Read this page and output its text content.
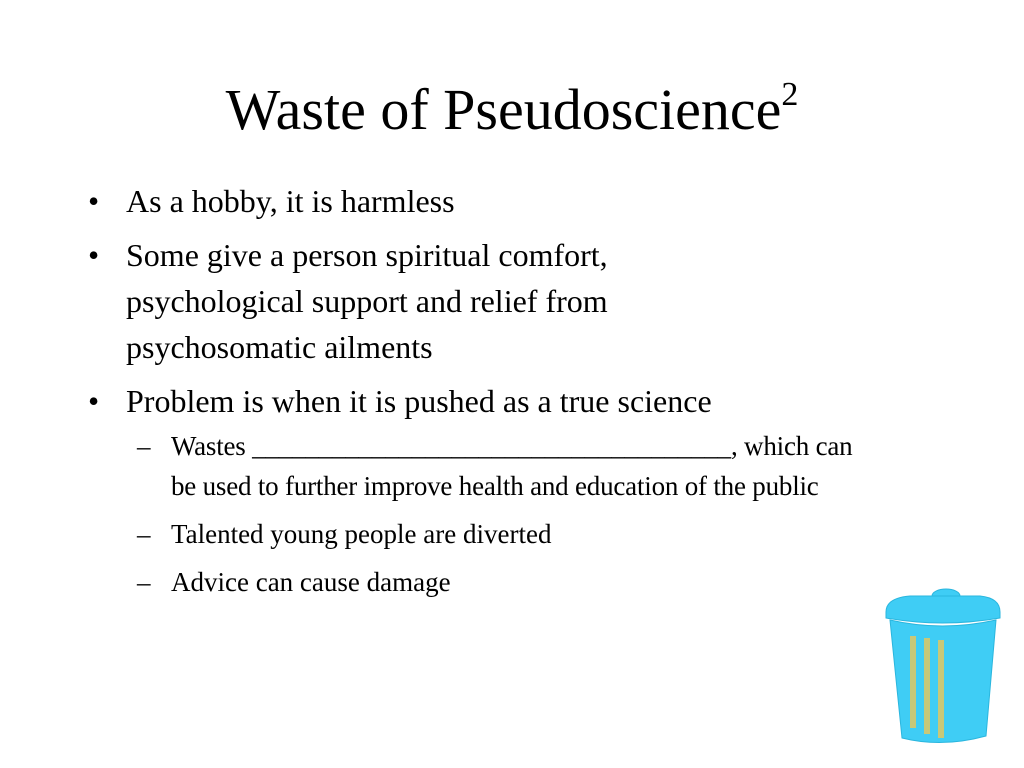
Waste of Pseudoscience$^2$
• As a hobby, it is harmless
• Some give a person spiritual comfort, psychological support and relief from psychosomatic ailments
• Problem is when it is pushed as a true science
– Wastes ____________________________________, which can be used to further improve health and education of the public
– Talented young people are diverted
– Advice can cause damage
